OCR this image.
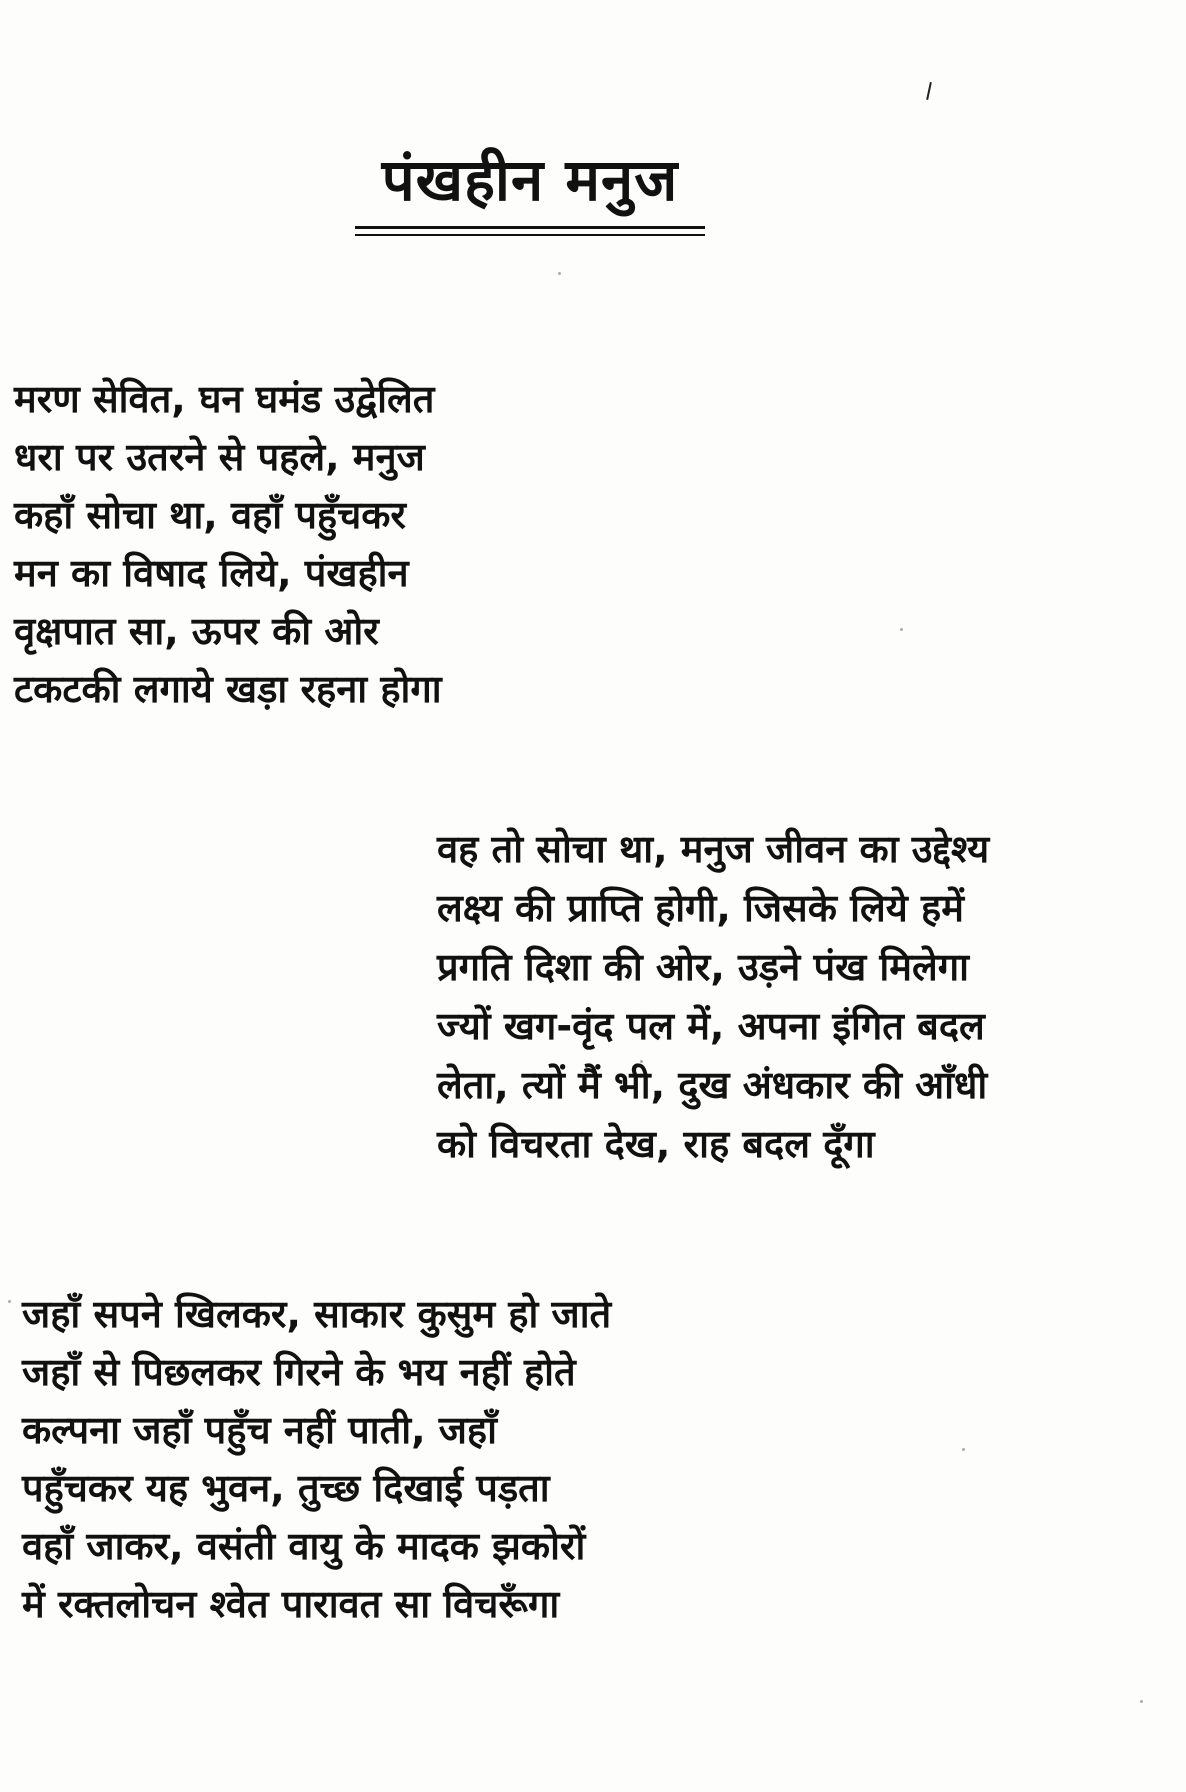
पंखहीन मनुज
मरण सेवित, घन घमंड उद्वेलित
धरा पर उतरने से पहले, मनुज
कहाँ सोचा था, वहाँ पहुँचकर
मन का विषाद लिये, पंखहीन
वृक्षपात सा, ऊपर की ओर
टकटकी लगाये खड़ा रहना होगा
वह तो सोचा था, मनुज जीवन का उद्देश्य
लक्ष्य की प्राप्ति होगी, जिसके लिये हमें
प्रगति दिशा की ओर, उड़ने पंख मिलेगा
ज्यों खग-वृंद पल में, अपना इंगित बदल
लेता, त्यों मैं भी, दुख अंधकार की आँधी
को विचरता देख, राह बदल दूँगा
जहाँ सपने खिलकर, साकार कुसुम हो जाते
जहाँ से पिछलकर गिरने के भय नहीं होते
कल्पना जहाँ पहुँच नहीं पाती, जहाँ
पहुँचकर यह भुवन, तुच्छ दिखाई पड़ता
वहाँ जाकर, वसंती वायु के मादक झकोरों
में रक्तलोचन श्वेत पारावत सा विचरूँगा
